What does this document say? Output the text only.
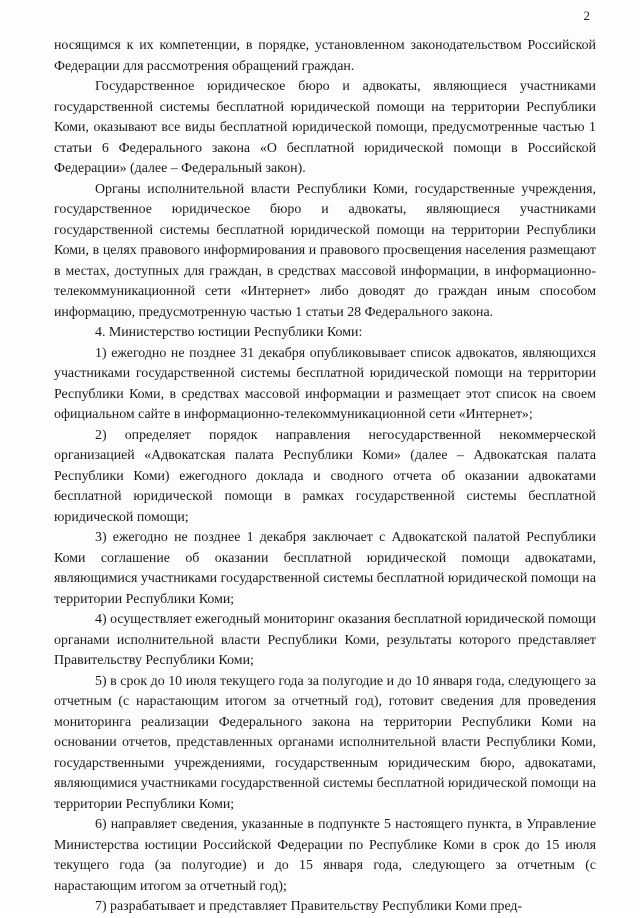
2

носящимся к их компетенции, в порядке, установленном законодательством Российской Федерации для рассмотрения обращений граждан.

Государственное юридическое бюро и адвокаты, являющиеся участниками государственной системы бесплатной юридической помощи на территории Республики Коми, оказывают все виды бесплатной юридической помощи, предусмотренные частью 1 статьи 6 Федерального закона «О бесплатной юридической помощи в Российской Федерации» (далее – Федеральный закон).

Органы исполнительной власти Республики Коми, государственные учреждения, государственное юридическое бюро и адвокаты, являющиеся участниками государственной системы бесплатной юридической помощи на территории Республики Коми, в целях правового информирования и правового просвещения населения размещают в местах, доступных для граждан, в средствах массовой информации, в информационно-телекоммуникационной сети «Интернет» либо доводят до граждан иным способом информацию, предусмотренную частью 1 статьи 28 Федерального закона.

4. Министерство юстиции Республики Коми:

1) ежегодно не позднее 31 декабря опубликовывает список адвокатов, являющихся участниками государственной системы бесплатной юридической помощи на территории Республики Коми, в средствах массовой информации и размещает этот список на своем официальном сайте в информационно-телекоммуникационной сети «Интернет»;

2) определяет порядок направления негосударственной некоммерческой организацией «Адвокатская палата Республики Коми» (далее – Адвокатская палата Республики Коми) ежегодного доклада и сводного отчета об оказании адвокатами бесплатной юридической помощи в рамках государственной системы бесплатной юридической помощи;

3) ежегодно не позднее 1 декабря заключает с Адвокатской палатой Республики Коми соглашение об оказании бесплатной юридической помощи адвокатами, являющимися участниками государственной системы бесплатной юридической помощи на территории Республики Коми;

4) осуществляет ежегодный мониторинг оказания бесплатной юридической помощи органами исполнительной власти Республики Коми, результаты которого представляет Правительству Республики Коми;

5) в срок до 10 июля текущего года за полугодие и до 10 января года, следующего за отчетным (с нарастающим итогом за отчетный год), готовит сведения для проведения мониторинга реализации Федерального закона на территории Республики Коми на основании отчетов, представленных органами исполнительной власти Республики Коми, государственными учреждениями, государственным юридическим бюро, адвокатами, являющимися участниками государственной системы бесплатной юридической помощи на территории Республики Коми;

6) направляет сведения, указанные в подпункте 5 настоящего пункта, в Управление Министерства юстиции Российской Федерации по Республике Коми в срок до 15 июля текущего года (за полугодие) и до 15 января года, следующего за отчетным (с нарастающим итогом за отчетный год);

7) разрабатывает и представляет Правительству Республики Коми пред-
